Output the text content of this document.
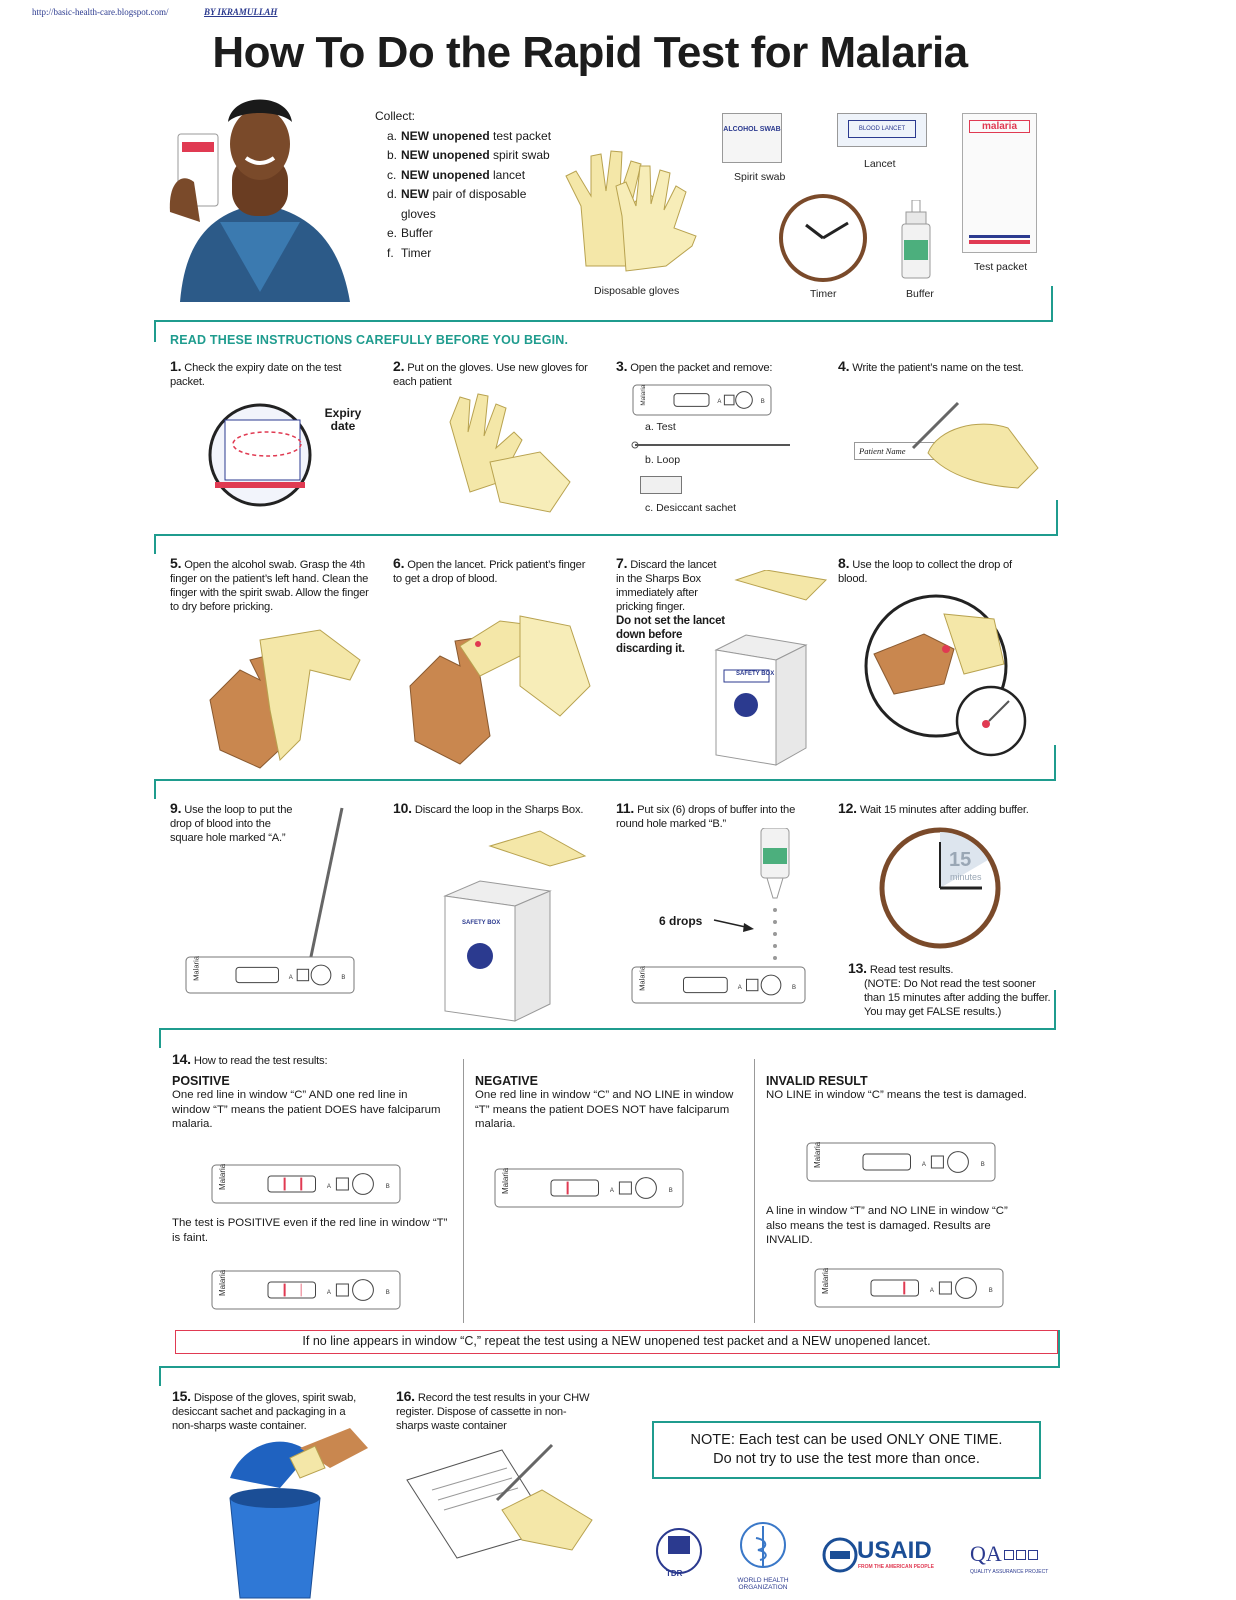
http://basic-health-care.blogspot.com/	BY IKRAMULLAH
How To Do the Rapid Test for Malaria
Collect:
a. NEW unopened test packet
b. NEW unopened spirit swab
c. NEW unopened lancet
d. NEW pair of disposable
gloves
e. Buffer
f. Timer
Disposable gloves
ALCOHOL SWAB
Spirit swab
BLOOD LANCET
Lancet
malaria
Test packet
Timer	Buffer
READ THESE INSTRUCTIONS CAREFULLY BEFORE YOU BEGIN.
1. Check the expiry date on the test packet.
Expiry date
2. Put on the gloves. Use new gloves for each patient
3. Open the packet and remove:
Malaria	A	B
a. Test
b. Loop
c. Desiccant sachet
4. Write the patient’s name on the test.
Patient Name
5. Open the alcohol swab. Grasp the 4th finger on the patient’s left hand. Clean the finger with the spirit swab. Allow the finger to dry before pricking.
6. Open the lancet. Prick patient’s finger to get a drop of blood.
7. Discard the lancet in the Sharps Box immediately after pricking finger.
Do not set the lancet down before discarding it.
SAFETY BOX
8. Use the loop to collect the drop of blood.
9. Use the loop to put the drop of blood into the square hole marked “A.”
Malaria	A	B
10. Discard the loop in the Sharps Box.
SAFETY BOX
11. Put six (6) drops of buffer into the round hole marked “B.”
6 drops
Malaria	A	B
12. Wait 15 minutes after adding buffer.
15
minutes
13. Read test results.

(NOTE: Do Not read the test sooner than 15 minutes after adding the buffer. You may get FALSE results.)
14. How to read the test results:
POSITIVE
One red line in window “C” AND one red line in window “T” means the patient DOES have falciparum malaria.
Malaria	A	B
The test is POSITIVE even if the red line in window “T” is faint.
Malaria	A	B
NEGATIVE
One red line in window “C” and NO LINE in window “T” means the patient DOES NOT have falciparum malaria.
Malaria	A	B
INVALID RESULT
NO LINE in window “C” means the test is damaged.
Malaria	A	B
A line in window “T” and NO LINE in window “C” also means the test is damaged. Results are INVALID.
Malaria	A	B
If no line appears in window “C,” repeat the test using a NEW unopened test packet and a NEW unopened lancet.
15. Dispose of the gloves, spirit swab, desiccant sachet and packaging in a non-sharps waste container.
16. Record the test results in your CHW register. Dispose of cassette in non-sharps waste container
NOTE: Each test can be used ONLY ONE TIME.
Do not try to use the test more than once.
TDR
WORLD HEALTH ORGANIZATION
USAID
FROM THE AMERICAN PEOPLE
QA
QUALITY ASSURANCE PROJECT
